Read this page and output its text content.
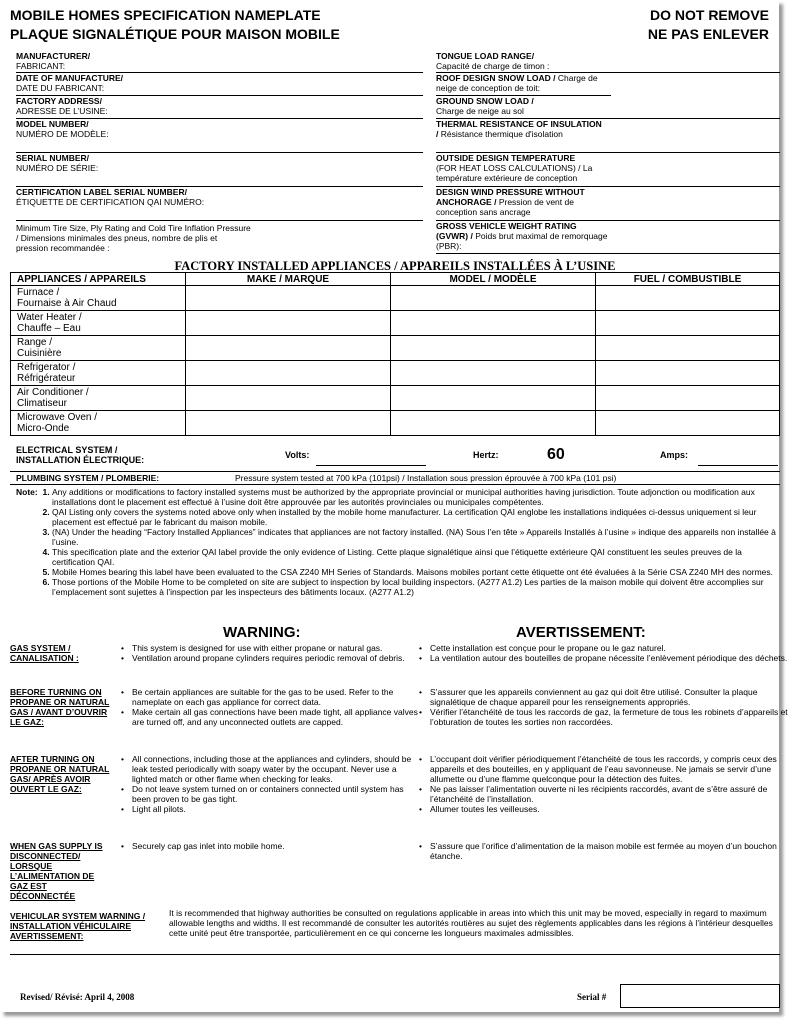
MOBILE HOMES SPECIFICATION NAMEPLATE
PLAQUE SIGNALÉTIQUE POUR MAISON MOBILE
DO NOT REMOVE
NE PAS ENLEVER
MANUFACTURER/
FABRICANT:
DATE OF MANUFACTURE/
DATE DU FABRICANT:
FACTORY ADDRESS/
ADRESSE DE L’USINE:
MODEL NUMBER/
NUMÉRO DE MODÈLE:
SERIAL NUMBER/
NUMÉRO DE SÉRIE:
CERTIFICATION LABEL SERIAL NUMBER/
ÉTIQUETTE DE CERTIFICATION QAI NUMÉRO:
Minimum Tire Size, Ply Rating and Cold Tire Inflation Pressure / Dimensions minimales des pneus, nombre de plis et pression recommandée :
TONGUE LOAD RANGE/
Capacité de charge de timon :
ROOF DESIGN SNOW LOAD / Charge de neige de conception de toit:
GROUND SNOW LOAD /
Charge de neige au sol
THERMAL RESISTANCE OF INSULATION / Résistance thermique d'isolation
OUTSIDE DESIGN TEMPERATURE
(FOR HEAT LOSS CALCULATIONS) / La température extérieure de conception
DESIGN WIND PRESSURE WITHOUT ANCHORAGE / Pression de vent de conception sans ancrage
GROSS VEHICLE WEIGHT RATING (GVWR) / Poids brut maximal de remorquage (PBR):
FACTORY INSTALLED APPLIANCES / APPAREILS INSTALLÉES À L’USINE
APPLIANCES / APPAREILS	MAKE / MARQUE	MODEL / MODÈLE	FUEL / COMBUSTIBLE

Furnace /
Fournaise à Air Chaud			

Water Heater /
Chauffe – Eau			

Range /
Cuisinière			

Refrigerator /
Réfrigérateur			

Air Conditioner /
Climatiseur			

Microwave Oven /
Micro-Onde			

ELECTRICAL SYSTEM /
INSTALLATION ÉLECTRIQUE:	Volts:	Hertz:	60	Amps:
PLUMBING SYSTEM / PLOMBERIE:	Pressure system tested at 700 kPa (101psi) / Installation sous pression éprouvée à 700 kPa (101 psi)
Note: 1. Any additions or modifications to factory installed systems must be authorized by the appropriate provincial or municipal authorities having jurisdiction. Toute adjonction ou modification aux installations dont le placement est effectué à l’usine doit être approuvée par les autorités provinciales ou municipales compétentes.
2. QAI Listing only covers the systems noted above only when installed by the mobile home manufacturer. La certification QAI englobe les installations indiquées ci-dessus uniquement si leur placement est effectué par le fabricant du maison mobile.
3. (NA) Under the heading “Factory Installed Appliances” indicates that appliances are not factory installed. (NA) Sous l’en tête » Appareils Installés à l’usine » indique des appareils non installée à l’usine.
4. This specification plate and the exterior QAI label provide the only evidence of Listing. Cette plaque signalétique ainsi que l’étiquette extérieure QAI constituent les seules preuves de la certification QAI.
5. Mobile Homes bearing this label have been evaluated to the CSA Z240 MH Series of Standards. Maisons mobiles portant cette étiquette ont été évaluées à la Série CSA Z240 MH des normes.
6. Those portions of the Mobile Home to be completed on site are subject to inspection by local building inspectors. (A277 A1.2) Les parties de la maison mobile qui doivent être accomplies sur l’emplacement sont sujettes à l’inspection par les inspecteurs des bâtiments locaux. (A277 A1.2)
WARNING:	AVERTISSEMENT:
GAS SYSTEM / CANALISATION :
• This system is designed for use with either propane or natural gas.
• Ventilation around propane cylinders requires periodic removal of debris.
• Cette installation est conçue pour le propane ou le gaz naturel.
• La ventilation autour des bouteilles de propane nécessite l’enlèvement périodique des déchets.
BEFORE TURNING ON PROPANE OR NATURAL GAS / AVANT D’OUVRIR LE GAZ:
• Be certain appliances are suitable for the gas to be used. Refer to the nameplate on each gas appliance for correct data.
• Make certain all gas connections have been made tight, all appliance valves are turned off, and any unconnected outlets are capped.
• S’assurer que les appareils conviennent au gaz qui doit être utilisé. Consulter la plaque signalétique de chaque appareil pour les renseignements appropriés.
• Vérifier l’étanchéité de tous les raccords de gaz, la fermeture de tous les robinets d’appareils et l’obturation de toutes les sorties non raccordées.
AFTER TURNING ON PROPANE OR NATURAL GAS/ APRÈS AVOIR OUVERT LE GAZ:
• All connections, including those at the appliances and cylinders, should be leak tested periodically with soapy water by the occupant. Never use a lighted match or other flame when checking for leaks.
• Do not leave system turned on or containers connected until system has been proven to be gas tight.
• Light all pilots.
• L’occupant doit vérifier périodiquement l’étanchéité de tous les raccords, y compris ceux des appareils et des bouteilles, en y appliquant de l’eau savonneuse. Ne jamais se servir d’une allumette ou d’une flamme quelconque pour la détection des fuites.
• Ne pas laisser l’alimentation ouverte ni les récipients raccordés, avant de s’être assuré de l’étanchéité de l’installation.
• Allumer toutes les veilleuses.
WHEN GAS SUPPLY IS DISCONNECTED/ LORSQUE L’ALIMENTATION DE GAZ EST DÉCONNECTÉE
• Securely cap gas inlet into mobile home.	• S’assure que l’orifice d’alimentation de la maison mobile est fermée au moyen d’un bouchon étanche.
VEHICULAR SYSTEM WARNING / INSTALLATION VÉHICULAIRE AVERTISSEMENT:
It is recommended that highway authorities be consulted on regulations applicable in areas into which this unit may be moved, especially in regard to maximum allowable lengths and widths. Il est recommandé de consulter les autorités routières au sujet des règlements applicables dans les régions à l’intérieur desquelles cette unité peut être transportée, particulièrement en ce qui concerne les longueurs maximales admissibles.
Revised/ Révisé: April 4, 2008	Serial #
